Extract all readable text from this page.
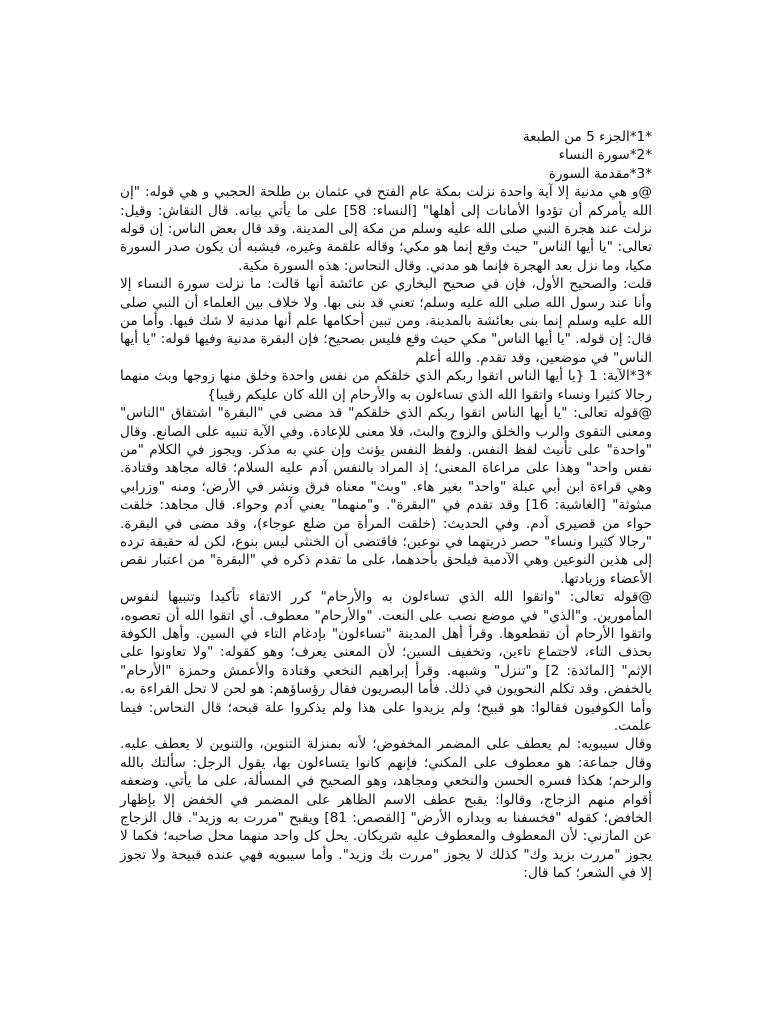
*1*الجزء 5 من الطبعة
*2*سورة النساء
*3*مقدمة السورة

@و هي مدنية إلا آية واحدة نزلت بمكة عام الفتح في عثمان بن طلحة الحجبي و هي قوله: "إن الله يأمركم أن تؤدوا الأمانات إلى أهلها" [النساء: 58] على ما يأتي بيانه. قال النقاش: وقيل: نزلت عند هجرة النبي صلى الله عليه وسلم من مكة إلى المدينة. وقد قال بعض الناس: إن قوله تعالى: "يا أيها الناس" حيث وقع إنما هو مكي؛ وقاله علقمة وغيره، فيشبه أن يكون صدر السورة مكيا، وما نزل بعد الهجرة فإنما هو مدني. وقال النحاس: هذه السورة مكية.

قلت: والصحيح الأول، فإن في صحيح البخاري عن عائشة أنها قالت: ما نزلت سورة النساء إلا وأنا عند رسول الله صلى الله عليه وسلم؛ تعني قد بنى بها. ولا خلاف بين العلماء أن النبي صلى الله عليه وسلم إنما بنى بعائشة بالمدينة. ومن تبين أحكامها علم أنها مدنية لا شك فيها. وأما من قال: إن قوله. "يا أيها الناس" مكي حيث وقع فليس بصحيح؛ فإن البقرة مدنية وفيها قوله: "يا أيها الناس" في موضعين، وقد تقدم. والله أعلم

*3*الآية: 1 {يا أيها الناس اتقوا ربكم الذي خلقكم من نفس واحدة وخلق منها زوجها وبث منهما رجالا كثيرا ونساء واتقوا الله الذي تساءلون به والأرحام إن الله كان عليكم رقيبا}

@قوله تعالى: "يا أيها الناس اتقوا ربكم الذي خلقكم" قد مضى في "البقرة" اشتقاق "الناس" ومعنى التقوى والرب والخلق والزوج والبث، فلا معنى للإعادة. وفي الآية تنبيه على الصانع. وقال "واحدة" على تأنيث لفظ النفس. ولفظ النفس يؤنث وإن عني به مذكر. ويجوز في الكلام "من نفس واحد" وهذا على مراعاة المعنى؛ إذ المراد بالنفس آدم عليه السلام؛ قاله مجاهد وقتادة. وهي قراءة ابن أبي عبلة "واحد" بغير هاء. "وبث" معناه فرق ونشر في الأرض؛ ومنه "وزرابي مبثوثة" [الغاشية: 16] وقد تقدم في "البقرة". و"منهما" يعني آدم وحواء. قال مجاهد: خلقت حواء من قصيرى آدم. وفي الحديث: (خلقت المرأة من ضلع عوجاء)، وقد مضى في البقرة. "رجالا كثيرا ونساء" حصر ذريتهما في نوعين؛ فاقتضى أن الخنثى ليس بنوع، لكن له حقيقة ترده إلى هذين النوعين وهي الآدمية فيلحق بأحدهما، على ما تقدم ذكره في "البقرة" من اعتبار نقص الأعضاء وزيادتها.

@قوله تعالى: "واتقوا الله الذي تساءلون به والأرحام" كرر الاتقاء تأكيدا وتنبيها لنفوس المأمورين. و"الذي" في موضع نصب على النعت. "والأرحام" معطوف. أي اتقوا الله أن تعصوه، واتقوا الأرحام أن تقطعوها. وقرأ أهل المدينة "تساءلون" بإدغام التاء في السين. وأهل الكوفة بحذف التاء، لاجتماع تاءين، وتخفيف السين؛ لأن المعنى يعرف؛ وهو كقوله: "ولا تعاونوا على الإثم" [المائدة: 2] و"تنزل" وشبهه. وقرأ إبراهيم النخعي وقتادة والأعمش وحمزة "الأرحام" بالخفض. وقد تكلم النحويون في ذلك. فأما البصريون فقال رؤساؤهم: هو لحن لا تحل القراءة به. وأما الكوفيون فقالوا: هو قبيح؛ ولم يزيدوا على هذا ولم يذكروا علة قبحه؛ قال النحاس: فيما علمت.

وقال سيبويه: لم يعطف على المضمر المخفوض؛ لأنه بمنزلة التنوين، والتنوين لا يعطف عليه. وقال جماعة: هو معطوف على المكني؛ فإنهم كانوا يتساءلون بها، يقول الرجل: سألتك بالله والرحم؛ هكذا فسره الحسن والنخعي ومجاهد، وهو الصحيح في المسألة، على ما يأتي. وضعفه أقوام منهم الزجاج، وقالوا: يقبح عطف الاسم الظاهر على المضمر في الخفض إلا بإظهار الخافض؛ كقوله "فخسفنا به وبداره الأرض" [القصص: 81] ويقبح "مررت به وزيد". قال الزجاج عن المازني: لأن المعطوف والمعطوف عليه شريكان. يحل كل واحد منهما محل صاحبه؛ فكما لا يجوز "مررت بزيد وك" كذلك لا يجوز "مررت بك وزيد". وأما سيبويه فهي عنده قبيحة ولا تجوز إلا في الشعر؛ كما قال:
